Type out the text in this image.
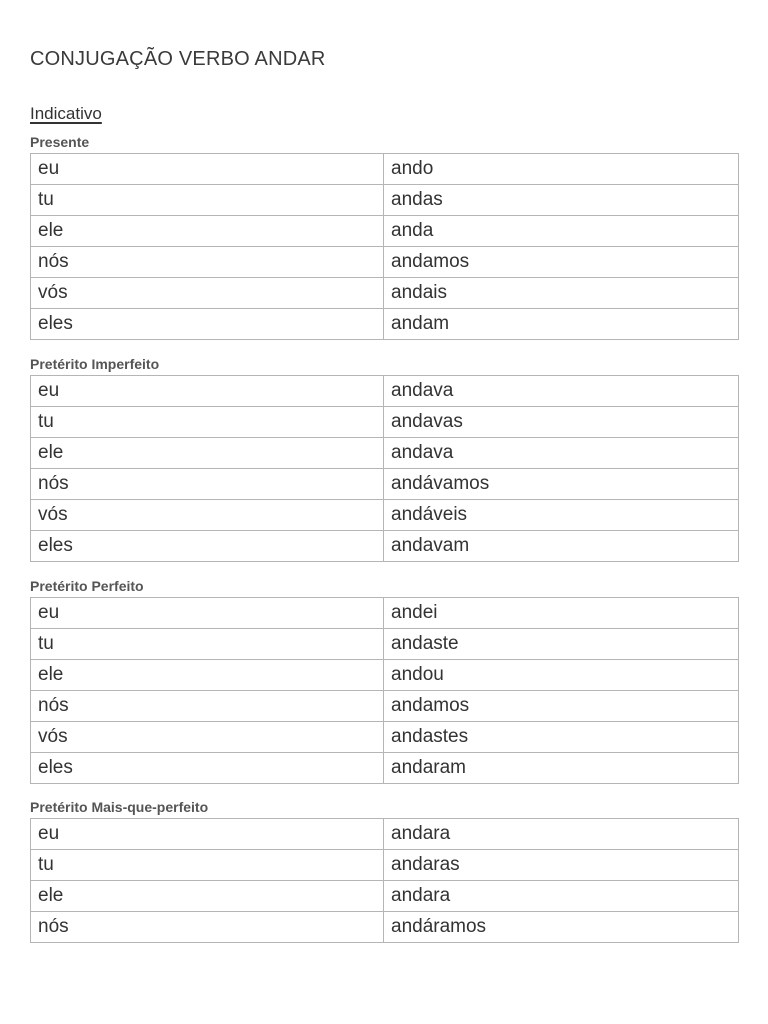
CONJUGAÇÃO VERBO ANDAR
Indicativo
Presente
eu	ando
tu	andas
ele	anda
nós	andamos
vós	andais
eles	andam
Pretérito Imperfeito
eu	andava
tu	andavas
ele	andava
nós	andávamos
vós	andáveis
eles	andavam
Pretérito Perfeito
eu	andei
tu	andaste
ele	andou
nós	andamos
vós	andastes
eles	andaram
Pretérito Mais-que-perfeito
eu	andara
tu	andaras
ele	andara
nós	andáramos
